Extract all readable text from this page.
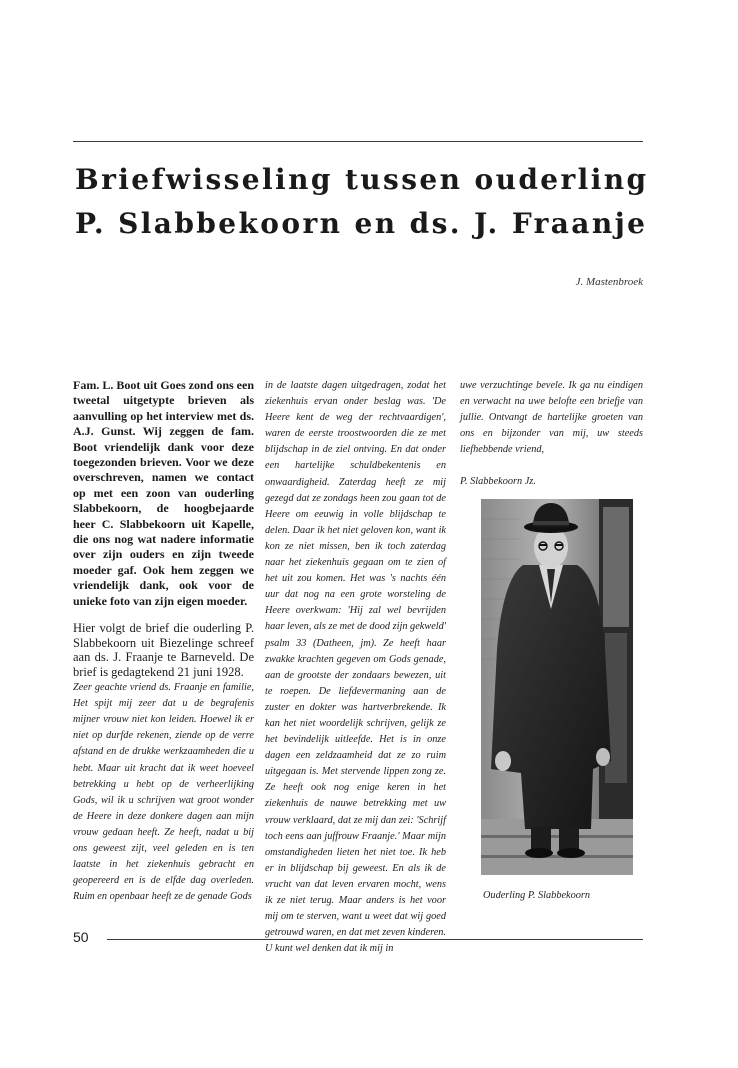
Briefwisseling tussen ouderling
P. Slabbekoorn en ds. J. Fraanje
J. Mastenbroek

Fam. L. Boot uit Goes zond ons een tweetal uitgetypte brieven als aanvulling op het interview met ds. A.J. Gunst. Wij zeggen de fam. Boot vriendelijk dank voor deze toegezonden brieven. Voor we deze overschreven, namen we contact op met een zoon van ouderling Slabbekoorn, de hoogbejaarde heer C. Slabbekoorn uit Kapelle, die ons nog wat nadere informatie over zijn ouders en zijn tweede moeder gaf. Ook hem zeggen we vriendelijk dank, ook voor de unieke foto van zijn eigen moeder.

Hier volgt de brief die ouderling P. Slabbekoorn uit Biezelinge schreef aan ds. J. Fraanje te Barneveld. De brief is gedagtekend 21 juni 1928.

Zeer geachte vriend ds. Fraanje en familie, Het spijt mij zeer dat u de begrafenis mijner vrouw niet kon leiden. Hoewel ik er niet op durfde rekenen, ziende op de verre afstand en de drukke werkzaamheden die u hebt. Maar uit kracht dat ik weet hoeveel betrekking u hebt op de verheerlijking Gods, wil ik u schrijven wat groot wonder de Heere in deze donkere dagen aan mijn vrouw gedaan heeft. Ze heeft, nadat u bij ons geweest zijt, veel geleden en is ten laatste in het ziekenhuis gebracht en geopereerd en is de elfde dag overleden. Ruim en openbaar heeft ze de genade Gods

in de laatste dagen uitgedragen, zodat het ziekenhuis ervan onder beslag was. 'De Heere kent de weg der rechtvaardigen', waren de eerste troostwoorden die ze met blijdschap in de ziel ontving. En dat onder een hartelijke schuldbekentenis en onwaardigheid. Zaterdag heeft ze mij gezegd dat ze zondags heen zou gaan tot de Heere om eeuwig in volle blijdschap te delen. Daar ik het niet geloven kon, want ik kon ze niet missen, ben ik toch zaterdag naar het ziekenhuis gegaan om te zien of het uit zou komen. Het was 's nachts één uur dat nog na een grote worsteling de Heere overkwam: 'Hij zal wel bevrijden haar leven, als ze met de dood zijn gekweld' psalm 33 (Datheen, jm). Ze heeft haar zwakke krachten gegeven om Gods genade, aan de grootste der zondaars bewezen, uit te roepen. De liefdevermaning aan de zuster en dokter was hartverbrekende. Ik kan het niet woordelijk schrijven, gelijk ze het bevindelijk uitleefde. Het is in onze dagen een zeldzaamheid dat ze zo ruim uitgegaan is. Met stervende lippen zong ze. Ze heeft ook nog enige keren in het ziekenhuis de nauwe betrekking met uw vrouw verklaard, dat ze mij dan zei: 'Schrijf toch eens aan juffrouw Fraanje.' Maar mijn omstandigheden lieten het niet toe. Ik heb er in blijdschap bij geweest. En als ik de vrucht van dat leven ervaren mocht, wens ik ze niet terug. Maar anders is het voor mij om te sterven, want u weet dat wij goed getrouwd waren, en dat met zeven kinderen. U kunt wel denken dat ik mij in

uwe verzuchtinge bevele. Ik ga nu eindigen en verwacht na uwe belofte een briefje van jullie. Ontvangt de hartelijke groeten van ons en bijzonder van mij, uw steeds liefhebbende vriend,

P. Slabbekoorn Jz.

Ouderling P. Slabbekoorn
50
